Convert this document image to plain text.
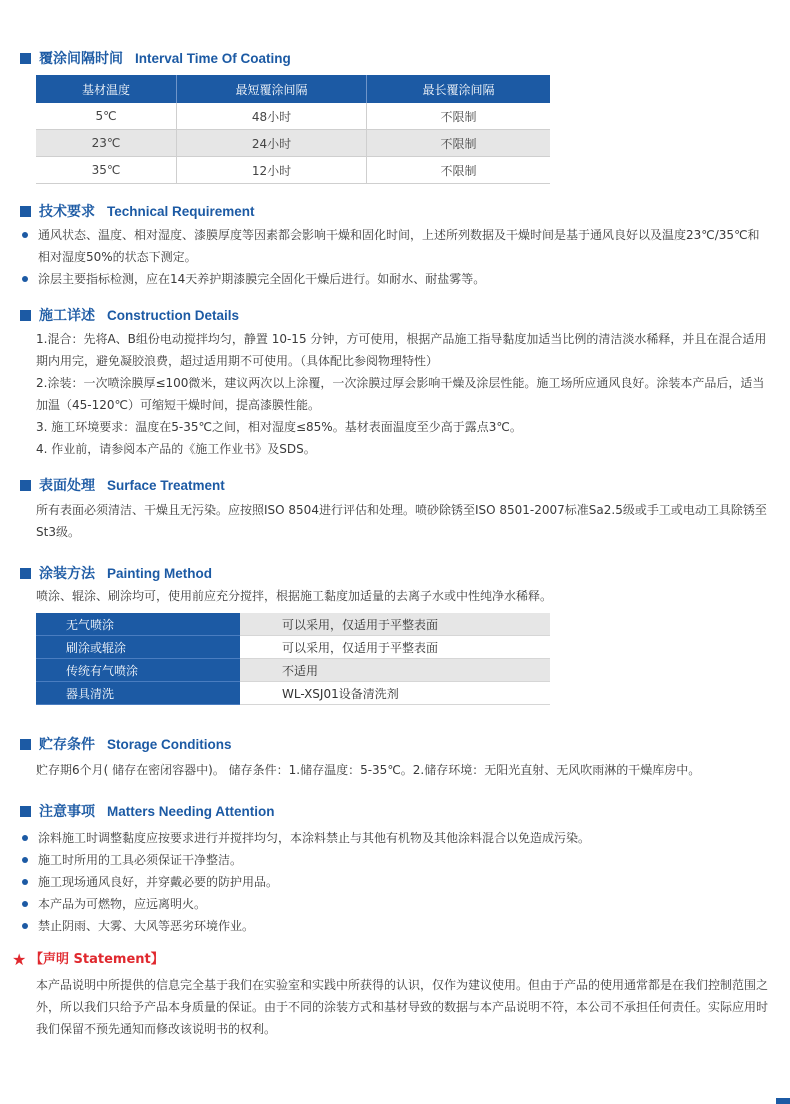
覆涂间隔时间 Interval Time Of Coating
基材温度	最短覆涂间隔	最长覆涂间隔
5℃	48小时	不限制
23℃	24小时	不限制
35℃	12小时	不限制
技术要求 Technical Requirement
通风状态、温度、相对湿度、漆膜厚度等因素都会影响干燥和固化时间，上述所列数据及干燥时间是基于通风良好以及温度23℃/35℃和相对湿度50%的状态下测定。
涂层主要指标检测，应在14天养护期漆膜完全固化干燥后进行。如耐水、耐盐雾等。
施工详述 Construction Details
1.混合：先将A、B组份电动搅拌均匀，静置 10-15 分钟，方可使用，根据产品施工指导黏度加适当比例的清洁淡水稀释，并且在混合适用期内用完，避免凝胶浪费，超过适用期不可使用。（具体配比参阅物理特性）
2.涂装：一次喷涂膜厚≤100微米，建议两次以上涂覆，一次涂膜过厚会影响干燥及涂层性能。施工场所应通风良好。涂装本产品后，适当加温（45-120℃）可缩短干燥时间，提高漆膜性能。
3. 施工环境要求：温度在5-35℃之间，相对湿度≤85%。基材表面温度至少高于露点3℃。
4. 作业前，请参阅本产品的《施工作业书》及SDS。
表面处理 Surface Treatment
所有表面必须清洁、干燥且无污染。应按照ISO 8504进行评估和处理。喷砂除锈至ISO 8501-2007标准Sa2.5级或手工或电动工具除锈至St3级。
涂装方法 Painting Method
喷涂、辊涂、刷涂均可，使用前应充分搅拌，根据施工黏度加适量的去离子水或中性纯净水稀释。
无气喷涂	可以采用，仅适用于平整表面
刷涂或辊涂	可以采用，仅适用于平整表面
传统有气喷涂	不适用
器具清洗	WL-XSJ01设备清洗剂
贮存条件 Storage Conditions
贮存期6个月( 储存在密闭容器中)。 储存条件：1.储存温度：5-35℃。2.储存环境：无阳光直射、无风吹雨淋的干燥库房中。
注意事项 Matters Needing Attention
涂料施工时调整黏度应按要求进行并搅拌均匀，本涂料禁止与其他有机物及其他涂料混合以免造成污染。
施工时所用的工具必须保证干净整洁。
施工现场通风良好，并穿戴必要的防护用品。
本产品为可燃物，应远离明火。
禁止阴雨、大雾、大风等恶劣环境作业。
★ 【声明 Statement】
本产品说明中所提供的信息完全基于我们在实验室和实践中所获得的认识，仅作为建议使用。但由于产品的使用通常都是在我们控制范围之外，所以我们只给予产品本身质量的保证。由于不同的涂装方式和基材导致的数据与本产品说明不符，本公司不承担任何责任。实际应用时我们保留不预先通知而修改该说明书的权利。
